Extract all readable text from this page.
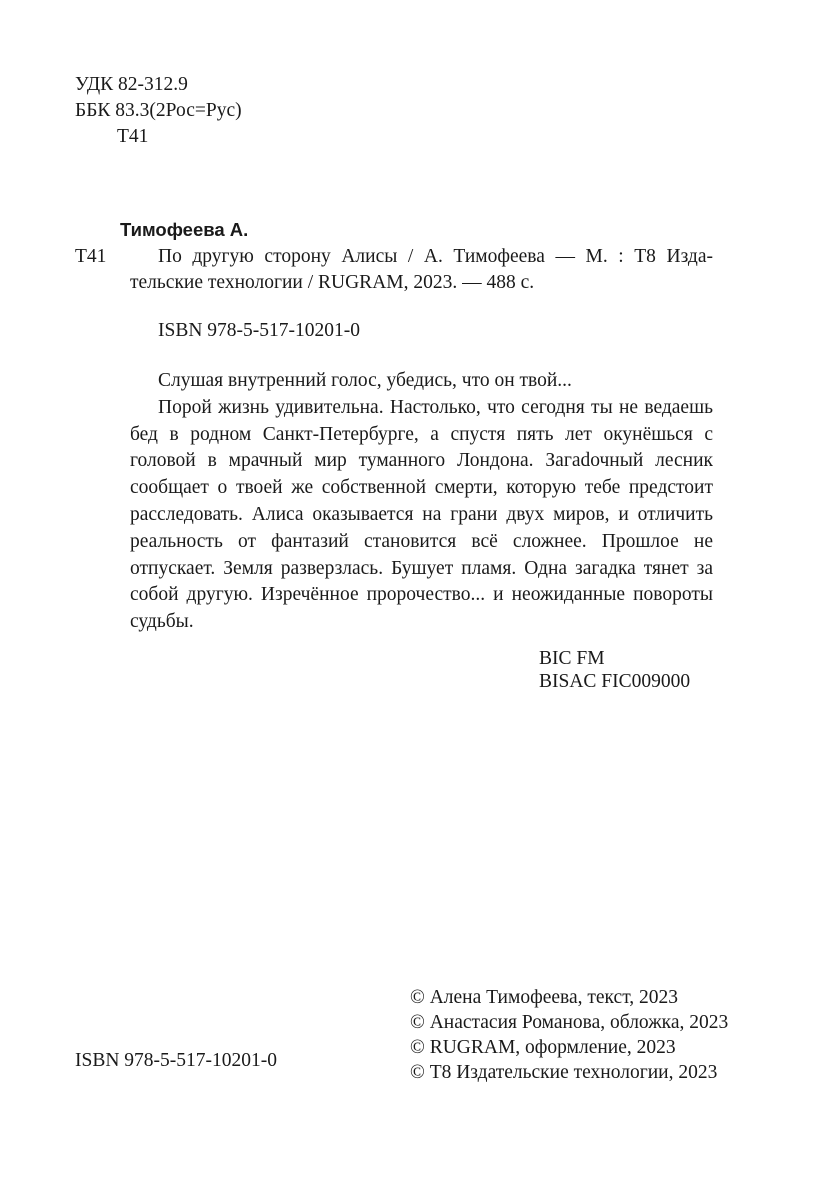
УДК 82-312.9
ББК 83.3(2Рос=Рус)
Т41
Тимофеева А.
Т41	По другую сторону Алисы / А. Тимофеева — М. : Т8 Изда-
тельские технологии / RUGRAM, 2023. — 488 с.
ISBN 978-5-517-10201-0

Слушая внутренний голос, убедись, что он твой...

Порой жизнь удивительна. Настолько, что сегодня ты не ведаешь бед в родном Санкт-Петербурге, а спустя пять лет окунёшься с головой в мрачный мир туманного Лондона. Загаdочный лесник сообщает о твоей же собственной смерти, которую тебе предстоит расследовать. Алиса оказывается на грани двух миров, и отличить реальность от фантазий становится всё сложнее. Прошлое не отпускает. Земля разверзлась. Бушует пламя. Одна загадка тянет за собой другую. Изречённое пророчество... и неожиданные повороты судьбы.

BIC FM
BISAC FIC009000
ISBN 978-5-517-10201-0
© Алена Тимофеева, текст, 2023
© Анастасия Романова, обложка, 2023
© RUGRAM, оформление, 2023
© Т8 Издательские технологии, 2023
